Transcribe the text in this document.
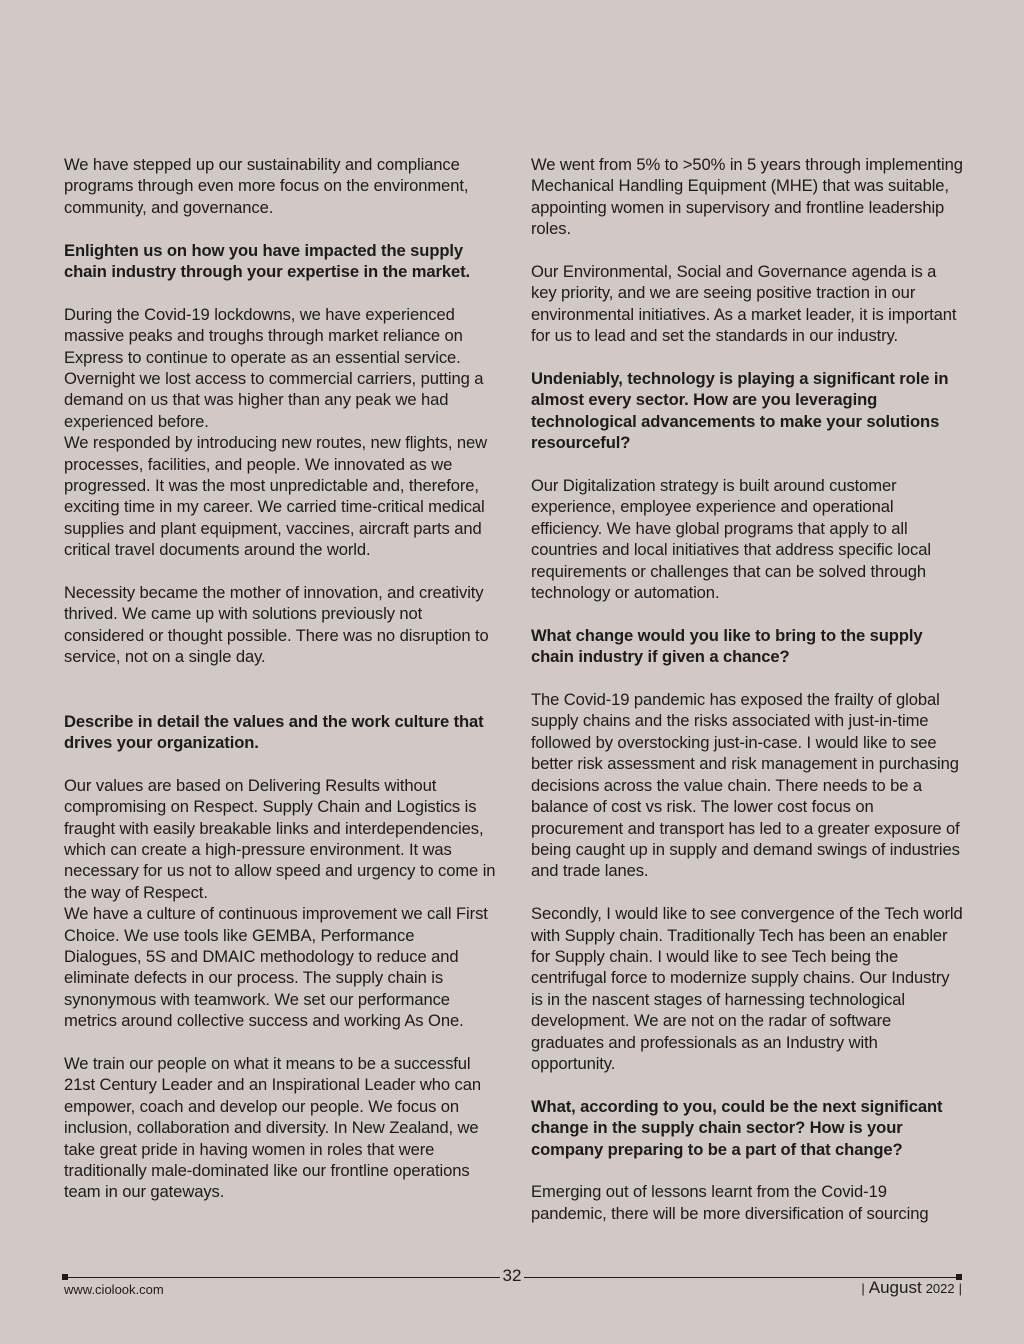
We have stepped up our sustainability and compliance programs through even more focus on the environment, community, and governance.
Enlighten us on how you have impacted the supply chain industry through your expertise in the market.
During the Covid-19 lockdowns, we have experienced massive peaks and troughs through market reliance on Express to continue to operate as an essential service. Overnight we lost access to commercial carriers, putting a demand on us that was higher than any peak we had experienced before.
We responded by introducing new routes, new flights, new processes, facilities, and people. We innovated as we progressed. It was the most unpredictable and, therefore, exciting time in my career. We carried time-critical medical supplies and plant equipment, vaccines, aircraft parts and critical travel documents around the world.
Necessity became the mother of innovation, and creativity thrived. We came up with solutions previously not considered or thought possible. There was no disruption to service, not on a single day.
Describe in detail the values and the work culture that drives your organization.
Our values are based on Delivering Results without compromising on Respect. Supply Chain and Logistics is fraught with easily breakable links and interdependencies, which can create a high-pressure environment. It was necessary for us not to allow speed and urgency to come in the way of Respect.
We have a culture of continuous improvement we call First Choice. We use tools like GEMBA, Performance Dialogues, 5S and DMAIC methodology to reduce and eliminate defects in our process. The supply chain is synonymous with teamwork. We set our performance metrics around collective success and working As One.
We train our people on what it means to be a successful 21st Century Leader and an Inspirational Leader who can empower, coach and develop our people. We focus on inclusion, collaboration and diversity. In New Zealand, we take great pride in having women in roles that were traditionally male-dominated like our frontline operations team in our gateways.
We went from 5% to >50% in 5 years through implementing Mechanical Handling Equipment (MHE) that was suitable, appointing women in supervisory and frontline leadership roles.
Our Environmental, Social and Governance agenda is a key priority, and we are seeing positive traction in our environmental initiatives. As a market leader, it is important for us to lead and set the standards in our industry.
Undeniably, technology is playing a significant role in almost every sector. How are you leveraging technological advancements to make your solutions resourceful?
Our Digitalization strategy is built around customer experience, employee experience and operational efficiency. We have global programs that apply to all countries and local initiatives that address specific local requirements or challenges that can be solved through technology or automation.
What change would you like to bring to the supply chain industry if given a chance?
The Covid-19 pandemic has exposed the frailty of global supply chains and the risks associated with just-in-time followed by overstocking just-in-case. I would like to see better risk assessment and risk management in purchasing decisions across the value chain. There needs to be a balance of cost vs risk. The lower cost focus on procurement and transport has led to a greater exposure of being caught up in supply and demand swings of industries and trade lanes.
Secondly, I would like to see convergence of the Tech world with Supply chain. Traditionally Tech has been an enabler for Supply chain. I would like to see Tech being the centrifugal force to modernize supply chains. Our Industry is in the nascent stages of harnessing technological development. We are not on the radar of software graduates and professionals as an Industry with opportunity.
What, according to you, could be the next significant change in the supply chain sector? How is your company preparing to be a part of that change?
Emerging out of lessons learnt from the Covid-19 pandemic, there will be more diversification of sourcing
32
www.ciolook.com	| August 2022 |
